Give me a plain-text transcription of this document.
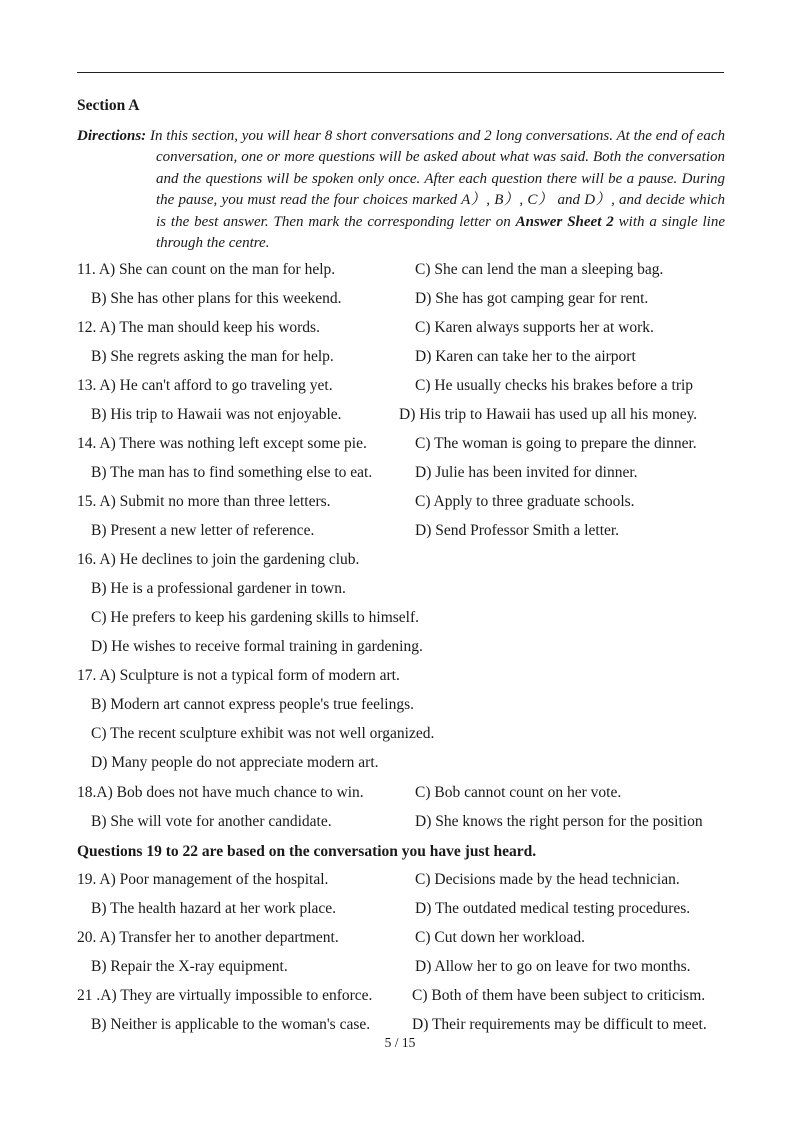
Section A
Directions: In this section, you will hear 8 short conversations and 2 long conversations. At the end of each conversation, one or more questions will be asked about what was said. Both the conversation and the questions will be spoken only once. After each question there will be a pause. During the pause, you must read the four choices marked A）, B）, C） and D）, and decide which is the best answer. Then mark the corresponding letter on Answer Sheet 2 with a single line through the centre.
11. A) She can count on the man for help.	C) She can lend the man a sleeping bag.
B) She has other plans for this weekend.	D) She has got camping gear for rent.
12. A) The man should keep his words.	C) Karen always supports her at work.
B) She regrets asking the man for help.	D) Karen can take her to the airport
13. A) He can't afford to go traveling yet.	C) He usually checks his brakes before a trip
B) His trip to Hawaii was not enjoyable.	D) His trip to Hawaii has used up all his money.
14. A) There was nothing left except some pie.	C) The woman is going to prepare the dinner.
B) The man has to find something else to eat.	D) Julie has been invited for dinner.
15. A) Submit no more than three letters.	C) Apply to three graduate schools.
B) Present a new letter of reference.	D) Send Professor Smith a letter.
16. A) He declines to join the gardening club.
B) He is a professional gardener in town.
C) He prefers to keep his gardening skills to himself.
D) He wishes to receive formal training in gardening.
17. A) Sculpture is not a typical form of modern art.
B) Modern art cannot express people's true feelings.
C) The recent sculpture exhibit was not well organized.
D) Many people do not appreciate modern art.
18.A) Bob does not have much chance to win.	C) Bob cannot count on her vote.
B) She will vote for another candidate.	D) She knows the right person for the position
Questions 19 to 22 are based on the conversation you have just heard.
19. A) Poor management of the hospital.	C) Decisions made by the head technician.
B) The health hazard at her work place.	D) The outdated medical testing procedures.
20. A) Transfer her to another department.	C) Cut down her workload.
B) Repair the X-ray equipment.	D) Allow her to go on leave for two months.
21 .A) They are virtually impossible to enforce.	C) Both of them have been subject to criticism.
B) Neither is applicable to the woman's case.	D) Their requirements may be difficult to meet.
5 / 15
